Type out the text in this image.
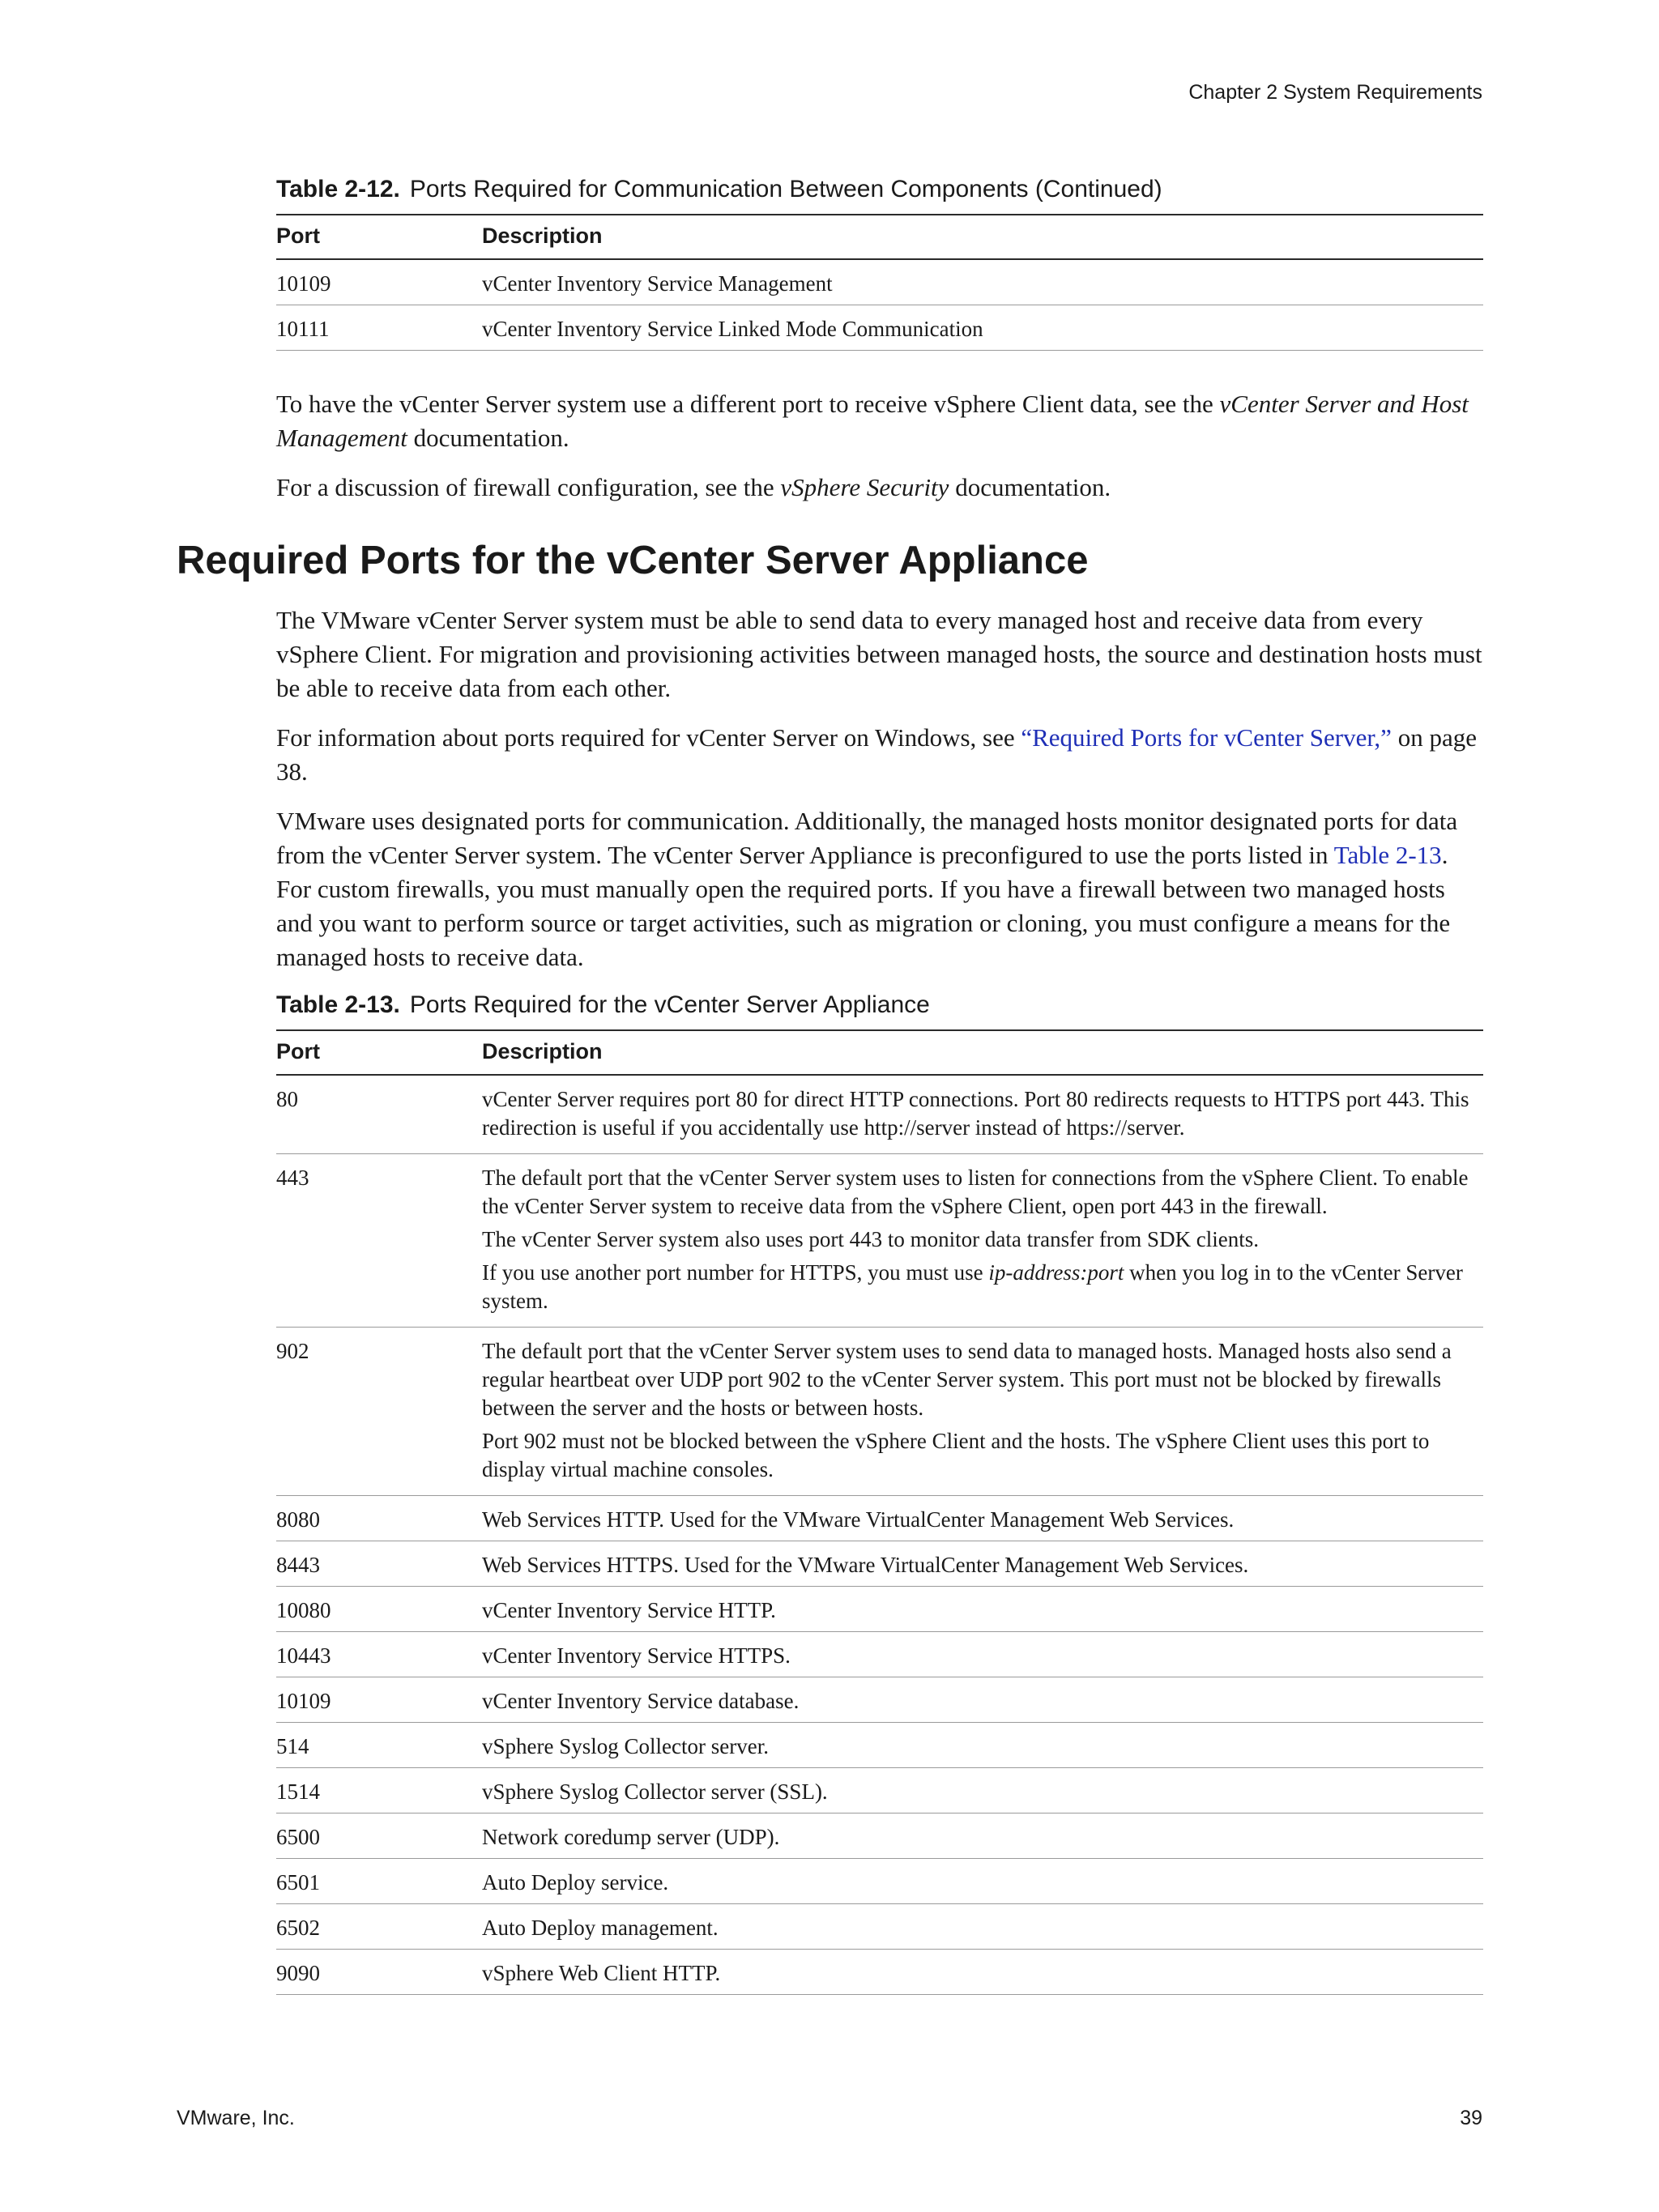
Chapter 2 System Requirements
Table 2-12. Ports Required for Communication Between Components (Continued)
Port	Description
10109	vCenter Inventory Service Management
10111	vCenter Inventory Service Linked Mode Communication

To have the vCenter Server system use a different port to receive vSphere Client data, see the vCenter Server and Host Management documentation.

For a discussion of firewall configuration, see the vSphere Security documentation.

Required Ports for the vCenter Server Appliance

The VMware vCenter Server system must be able to send data to every managed host and receive data from every vSphere Client. For migration and provisioning activities between managed hosts, the source and destination hosts must be able to receive data from each other.

For information about ports required for vCenter Server on Windows, see “Required Ports for vCenter Server,” on page 38.

VMware uses designated ports for communication. Additionally, the managed hosts monitor designated ports for data from the vCenter Server system. The vCenter Server Appliance is preconfigured to use the ports listed in Table 2-13. For custom firewalls, you must manually open the required ports. If you have a firewall between two managed hosts and you want to perform source or target activities, such as migration or cloning, you must configure a means for the managed hosts to receive data.

Table 2-13. Ports Required for the vCenter Server Appliance
Port	Description
80	vCenter Server requires port 80 for direct HTTP connections. Port 80 redirects requests to HTTPS port 443. This redirection is useful if you accidentally use http://server instead of https://server.

443	The default port that the vCenter Server system uses to listen for connections from the vSphere Client. To enable the vCenter Server system to receive data from the vSphere Client, open port 443 in the firewall.

The vCenter Server system also uses port 443 to monitor data transfer from SDK clients.

If you use another port number for HTTPS, you must use ip-address:port when you log in to the vCenter Server system.

902	The default port that the vCenter Server system uses to send data to managed hosts. Managed hosts also send a regular heartbeat over UDP port 902 to the vCenter Server system. This port must not be blocked by firewalls between the server and the hosts or between hosts.

Port 902 must not be blocked between the vSphere Client and the hosts. The vSphere Client uses this port to display virtual machine consoles.

8080	Web Services HTTP. Used for the VMware VirtualCenter Management Web Services.
8443	Web Services HTTPS. Used for the VMware VirtualCenter Management Web Services.
10080	vCenter Inventory Service HTTP.
10443	vCenter Inventory Service HTTPS.
10109	vCenter Inventory Service database.
514	vSphere Syslog Collector server.
1514	vSphere Syslog Collector server (SSL).
6500	Network coredump server (UDP).
6501	Auto Deploy service.
6502	Auto Deploy management.
9090	vSphere Web Client HTTP.
VMware, Inc.	39
